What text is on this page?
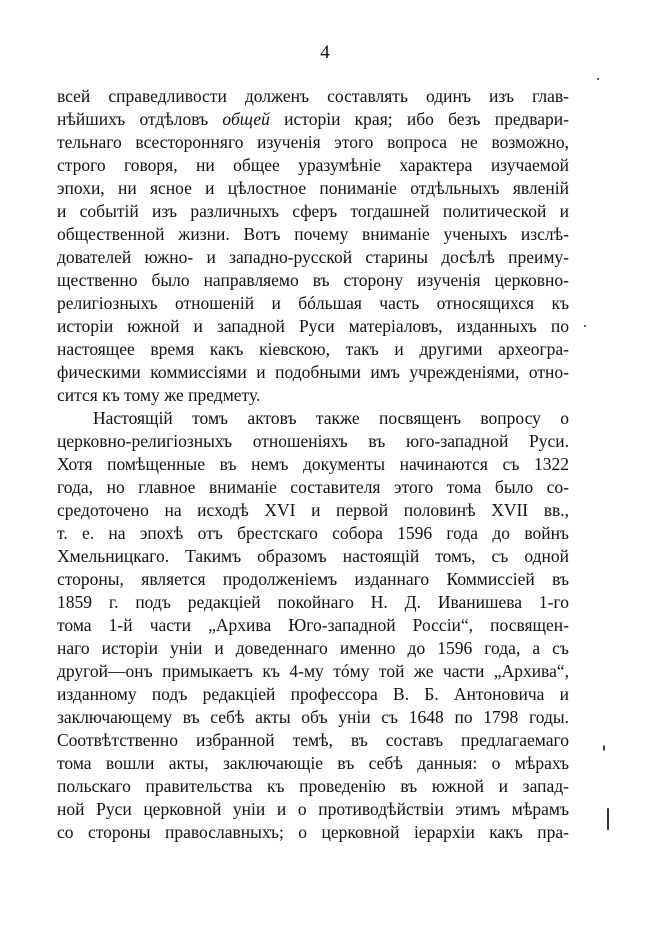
4
всей справедливости долженъ составлять одинъ изъ глав-
нѣйшихъ отдѣловъ общей исторіи края; ибо безъ предвари-
тельнаго всесторонняго изученія этого вопроса не возможно,
строго говоря, ни общее уразумѣніе характера изучаемой
эпохи, ни ясное и цѣлостное пониманіе отдѣльныхъ явленій
и событій изъ различныхъ сферъ тогдашней политической и
общественной жизни. Вотъ почему вниманіе ученыхъ изслѣ-
дователей южно- и западно-русской старины досѣлѣ преиму-
щественно было направляемо въ сторону изученія церковно-
религіозныхъ отношеній и бóльшая часть относящихся къ
исторіи южной и западной Руси матеріаловъ, изданныхъ по
настоящее время какъ кіевскою, такъ и другими археогра-
фическими коммиссіями и подобными имъ учрежденіями, отно-
сится къ тому же предмету.
Настоящій томъ актовъ также посвященъ вопросу о
церковно-религіозныхъ отношеніяхъ въ юго-западной Руси.
Хотя помѣщенные въ немъ документы начинаются съ 1322
года, но главное вниманіе составителя этого тома было со-
средоточено на исходѣ XVI и первой половинѣ XVII вв.,
т. е. на эпохѣ отъ брестскаго собора 1596 года до войнъ
Хмельницкаго. Такимъ образомъ настоящій томъ, съ одной
стороны, является продолженіемъ изданнаго Коммиссіей въ
1859 г. подъ редакціей покойнаго Н. Д. Иванишева 1-го
тома 1-й части „Архива Юго-западной Россіи“, посвящен-
наго исторіи уніи и доведеннаго именно до 1596 года, а съ
другой—онъ примыкаетъ къ 4-му тóму той же части „Архива“,
изданному подъ редакціей профессора В. Б. Антоновича и
заключающему въ себѣ акты объ уніи съ 1648 по 1798 годы.
Соотвѣтственно избранной темѣ, въ составъ предлагаемаго
тома вошли акты, заключающіе въ себѣ данныя: о мѣрахъ
польскаго правительства къ проведенію въ южной и запад-
ной Руси церковной уніи и о противодѣйствіи этимъ мѣрамъ
со стороны православныхъ; о церковной іерархіи какъ пра-
